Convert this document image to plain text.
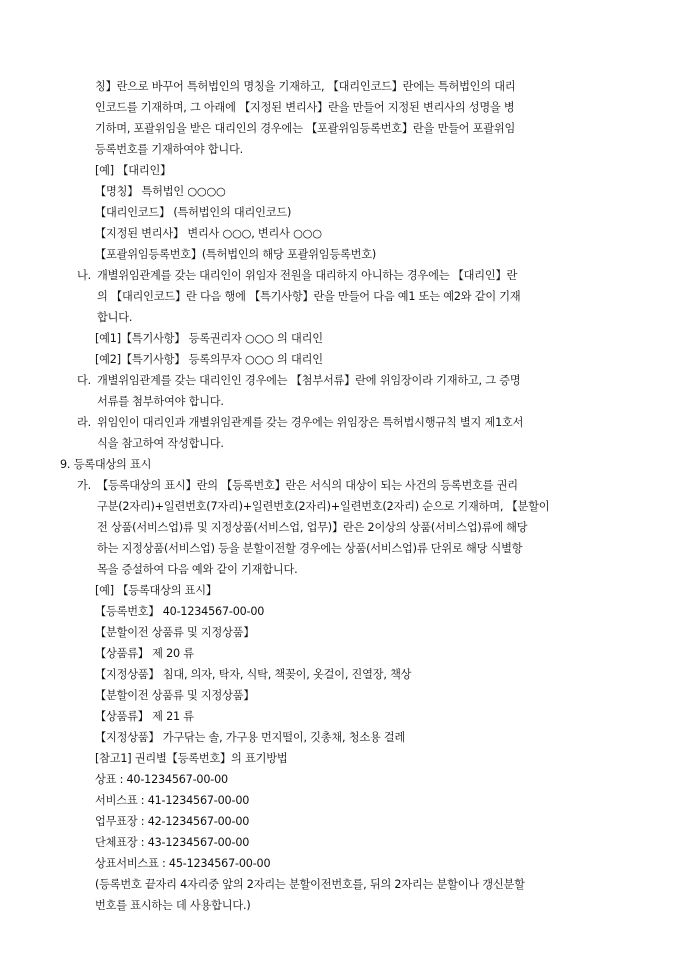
칭】란으로 바꾸어 특허법인의 명칭을 기재하고, 【대리인코드】란에는 특허법인의 대리
인코드를 기재하며, 그 아래에 【지정된 변리사】란을 만들어 지정된 변리사의 성명을 병
기하며, 포괄위임을 받은 대리인의 경우에는 【포괄위임등록번호】란을 만들어 포괄위임
등록번호를 기재하여야 합니다.
[예] 【대리인】
【명칭】 특허법인 ○○○○
【대리인코드】 (특허법인의 대리인코드)
【지정된 변리사】 변리사 ○○○, 변리사 ○○○
【포괄위임등록번호】(특허법인의 해당 포괄위임등록번호)
나. 개별위임관계를 갖는 대리인이 위임자 전원을 대리하지 아니하는 경우에는 【대리인】란
의 【대리인코드】란 다음 행에 【특기사항】란을 만들어 다음 예1 또는 예2와 같이 기재
합니다.
[예1]【특기사항】 등록권리자 ○○○ 의 대리인
[예2]【특기사항】 등록의무자 ○○○ 의 대리인
다. 개별위임관계를 갖는 대리인인 경우에는 【첨부서류】란에 위임장이라 기재하고, 그 증명
서류를 첨부하여야 합니다.
라. 위임인이 대리인과 개별위임관계를 갖는 경우에는 위임장은 특허법시행규칙 별지 제1호서
식을 참고하여 작성합니다.
9. 등록대상의 표시
가. 【등록대상의 표시】란의 【등록번호】란은 서식의 대상이 되는 사건의 등록번호를 권리
구분(2자리)+일련번호(7자리)+일련번호(2자리)+일련번호(2자리) 순으로 기재하며, 【분할이
전 상품(서비스업)류 및 지정상품(서비스업, 업무)】란은 2이상의 상품(서비스업)류에 해당
하는 지정상품(서비스업) 등을 분할이전할 경우에는 상품(서비스업)류 단위로 해당 식별항
목을 증설하여 다음 예와 같이 기재합니다.
[예] 【등록대상의 표시】
【등록번호】 40-1234567-00-00
【분할이전 상품류 및 지정상품】
【상품류】 제 20 류
【지정상품】 침대, 의자, 탁자, 식탁, 책꽂이, 옷걸이, 진열장, 책상
【분할이전 상품류 및 지정상품】
【상품류】 제 21 류
【지정상품】 가구닦는 솔, 가구용 먼지떨이, 깃총채, 청소용 걸레
[참고1] 권리별【등록번호】의 표기방법
상표 : 40-1234567-00-00
서비스표 : 41-1234567-00-00
업무표장 : 42-1234567-00-00
단체표장 : 43-1234567-00-00
상표서비스표 : 45-1234567-00-00
(등록번호 끝자리 4자리중 앞의 2자리는 분할이전번호를, 뒤의 2자리는 분할이나 갱신분할
번호를 표시하는 데 사용합니다.)
